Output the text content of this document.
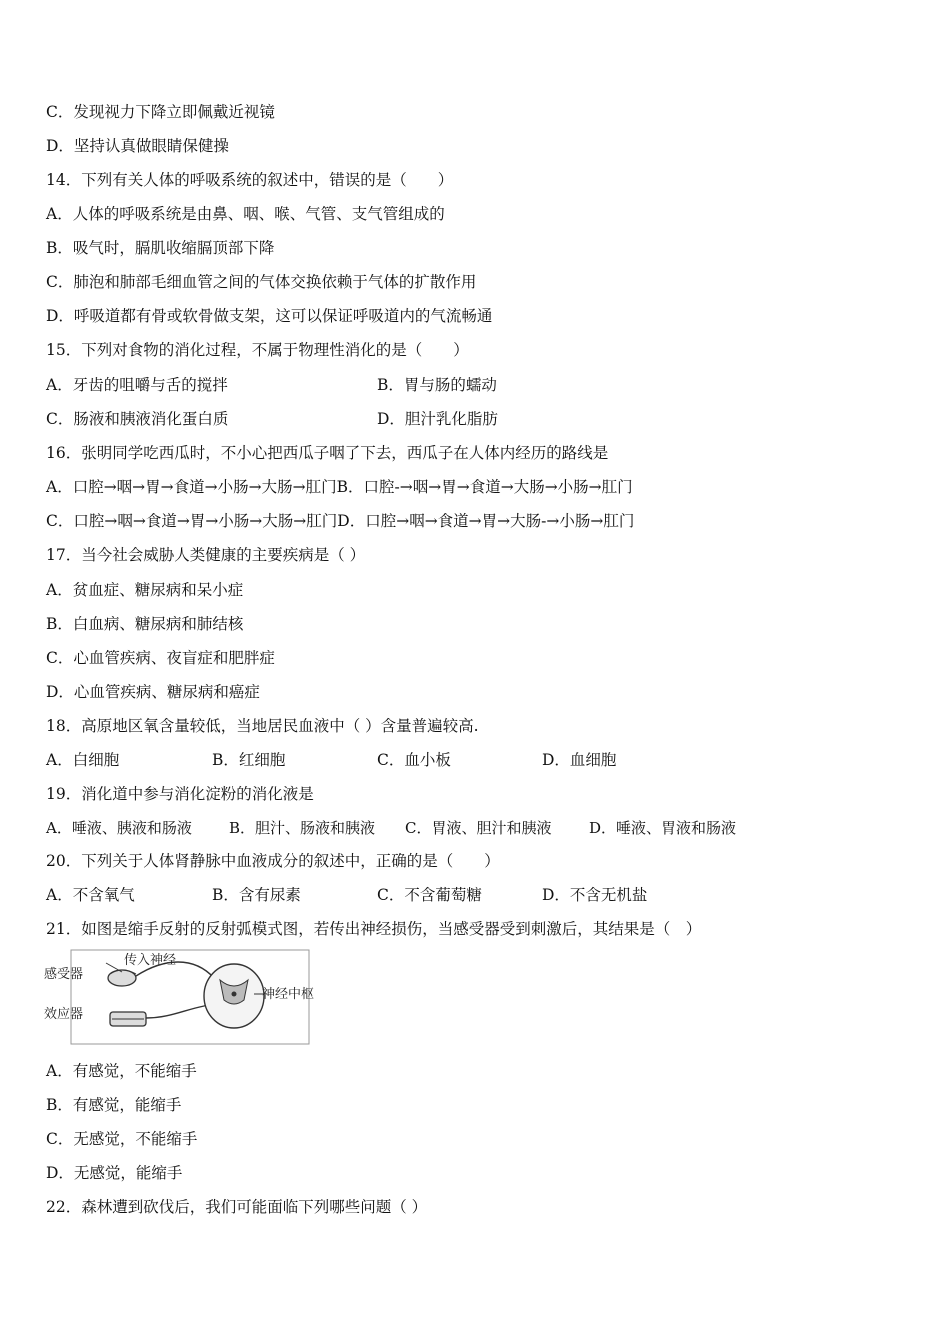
C．发现视力下降立即佩戴近视镜
D．坚持认真做眼睛保健操
14．下列有关人体的呼吸系统的叙述中，错误的是（　　）
A．人体的呼吸系统是由鼻、咽、喉、气管、支气管组成的
B．吸气时，膈肌收缩膈顶部下降
C．肺泡和肺部毛细血管之间的气体交换依赖于气体的扩散作用
D．呼吸道都有骨或软骨做支架，这可以保证呼吸道内的气流畅通
15．下列对食物的消化过程，不属于物理性消化的是（　　）
A．牙齿的咀嚼与舌的搅拌	B．胃与肠的蠕动
C．肠液和胰液消化蛋白质	D．胆汁乳化脂肪
16．张明同学吃西瓜时，不小心把西瓜子咽了下去，西瓜子在人体内经历的路线是
A．口腔→咽→胃→食道→小肠→大肠→肛门B．口腔-→咽→胃→食道→大肠→小肠→肛门
C．口腔→咽→食道→胃→小肠→大肠→肛门D．口腔→咽→食道→胃→大肠-→小肠→肛门
17．当今社会威胁人类健康的主要疾病是（ ）
A．贫血症、糖尿病和呆小症
B．白血病、糖尿病和肺结核
C．心血管疾病、夜盲症和肥胖症
D．心血管疾病、糖尿病和癌症
18．高原地区氧含量较低，当地居民血液中（ ）含量普遍较高.
A．白细胞	B．红细胞	C．血小板	D．血细胞
19．消化道中参与消化淀粉的消化液是
A．唾液、胰液和肠液 B．胆汁、肠液和胰液 C．胃液、胆汁和胰液	D．唾液、胃液和肠液
20．下列关于人体肾静脉中血液成分的叙述中，正确的是（　　）
A．不含氧气	B．含有尿素	C．不含葡萄糖	D．不含无机盐
21．如图是缩手反射的反射弧模式图，若传出神经损伤，当感受器受到刺激后，其结果是（　）
感受器
传入神经
效应器
神经中枢
A．有感觉，不能缩手
B．有感觉，能缩手
C．无感觉，不能缩手
D．无感觉，能缩手
22．森林遭到砍伐后，我们可能面临下列哪些问题（ ）
